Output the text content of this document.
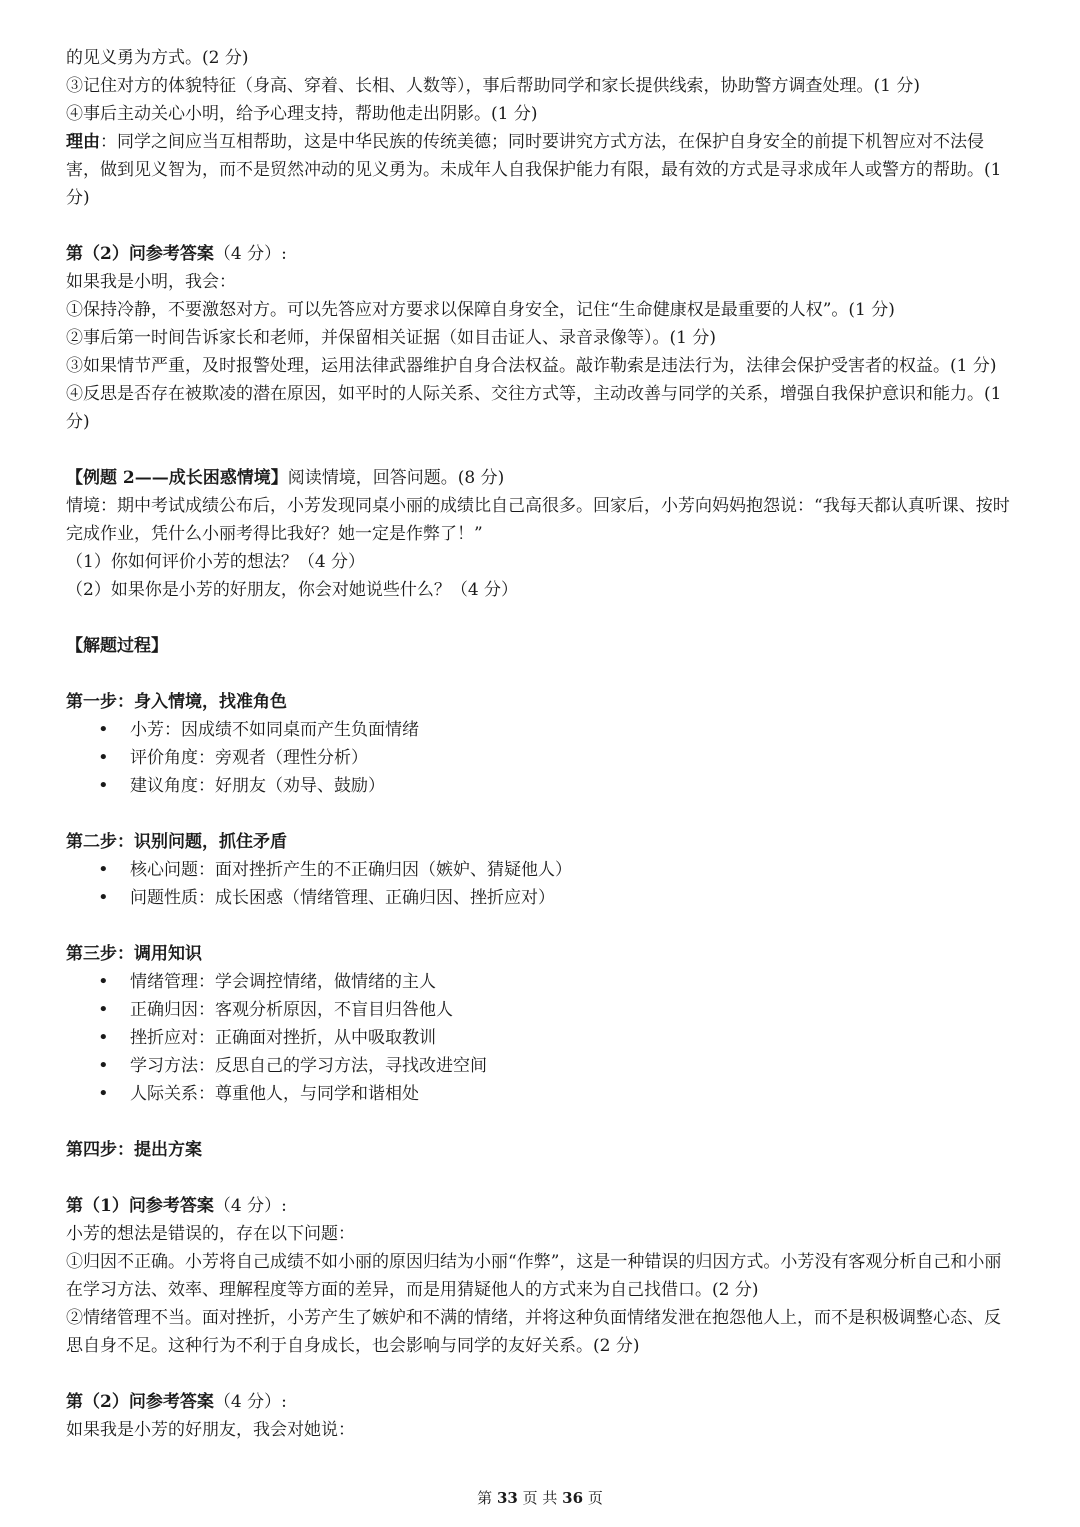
的见义勇为方式。(2 分)
③记住对方的体貌特征（身高、穿着、长相、人数等），事后帮助同学和家长提供线索，协助警方调查处理。(1 分)
④事后主动关心小明，给予心理支持，帮助他走出阴影。(1 分)
理由：同学之间应当互相帮助，这是中华民族的传统美德；同时要讲究方式方法，在保护自身安全的前提下机智应对不法侵害，做到见义智为，而不是贸然冲动的见义勇为。未成年人自我保护能力有限，最有效的方式是寻求成年人或警方的帮助。(1 分)
第（2）问参考答案（4 分）:
如果我是小明，我会：
①保持冷静，不要激怒对方。可以先答应对方要求以保障自身安全，记住“生命健康权是最重要的人权”。(1 分)
②事后第一时间告诉家长和老师，并保留相关证据（如目击证人、录音录像等）。(1 分)
③如果情节严重，及时报警处理，运用法律武器维护自身合法权益。敲诈勒索是违法行为，法律会保护受害者的权益。(1 分)
④反思是否存在被欺凌的潜在原因，如平时的人际关系、交往方式等，主动改善与同学的关系，增强自我保护意识和能力。(1 分)
【例题 2——成长困惑情境】阅读情境，回答问题。(8 分)
情境：期中考试成绩公布后，小芳发现同桌小丽的成绩比自己高很多。回家后，小芳向妈妈抱怨说：“我每天都认真听课、按时完成作业，凭什么小丽考得比我好？她一定是作弊了！”
（1）你如何评价小芳的想法？（4 分）
（2）如果你是小芳的好朋友，你会对她说些什么？（4 分）
【解题过程】
第一步：身入情境，找准角色
• 小芳：因成绩不如同桌而产生负面情绪
• 评价角度：旁观者（理性分析）
• 建议角度：好朋友（劝导、鼓励）
第二步：识别问题，抓住矛盾
• 核心问题：面对挫折产生的不正确归因（嫉妒、猜疑他人）
• 问题性质：成长困惑（情绪管理、正确归因、挫折应对）
第三步：调用知识
• 情绪管理：学会调控情绪，做情绪的主人
• 正确归因：客观分析原因，不盲目归咎他人
• 挫折应对：正确面对挫折，从中吸取教训
• 学习方法：反思自己的学习方法，寻找改进空间
• 人际关系：尊重他人，与同学和谐相处
第四步：提出方案
第（1）问参考答案（4 分）:
小芳的想法是错误的，存在以下问题：
①归因不正确。小芳将自己成绩不如小丽的原因归结为小丽“作弊”，这是一种错误的归因方式。小芳没有客观分析自己和小丽在学习方法、效率、理解程度等方面的差异，而是用猜疑他人的方式来为自己找借口。(2 分)
②情绪管理不当。面对挫折，小芳产生了嫉妒和不满的情绪，并将这种负面情绪发泄在抱怨他人上，而不是积极调整心态、反思自身不足。这种行为不利于自身成长，也会影响与同学的友好关系。(2 分)
第（2）问参考答案（4 分）:
如果我是小芳的好朋友，我会对她说：
第 33 页 共 36 页
